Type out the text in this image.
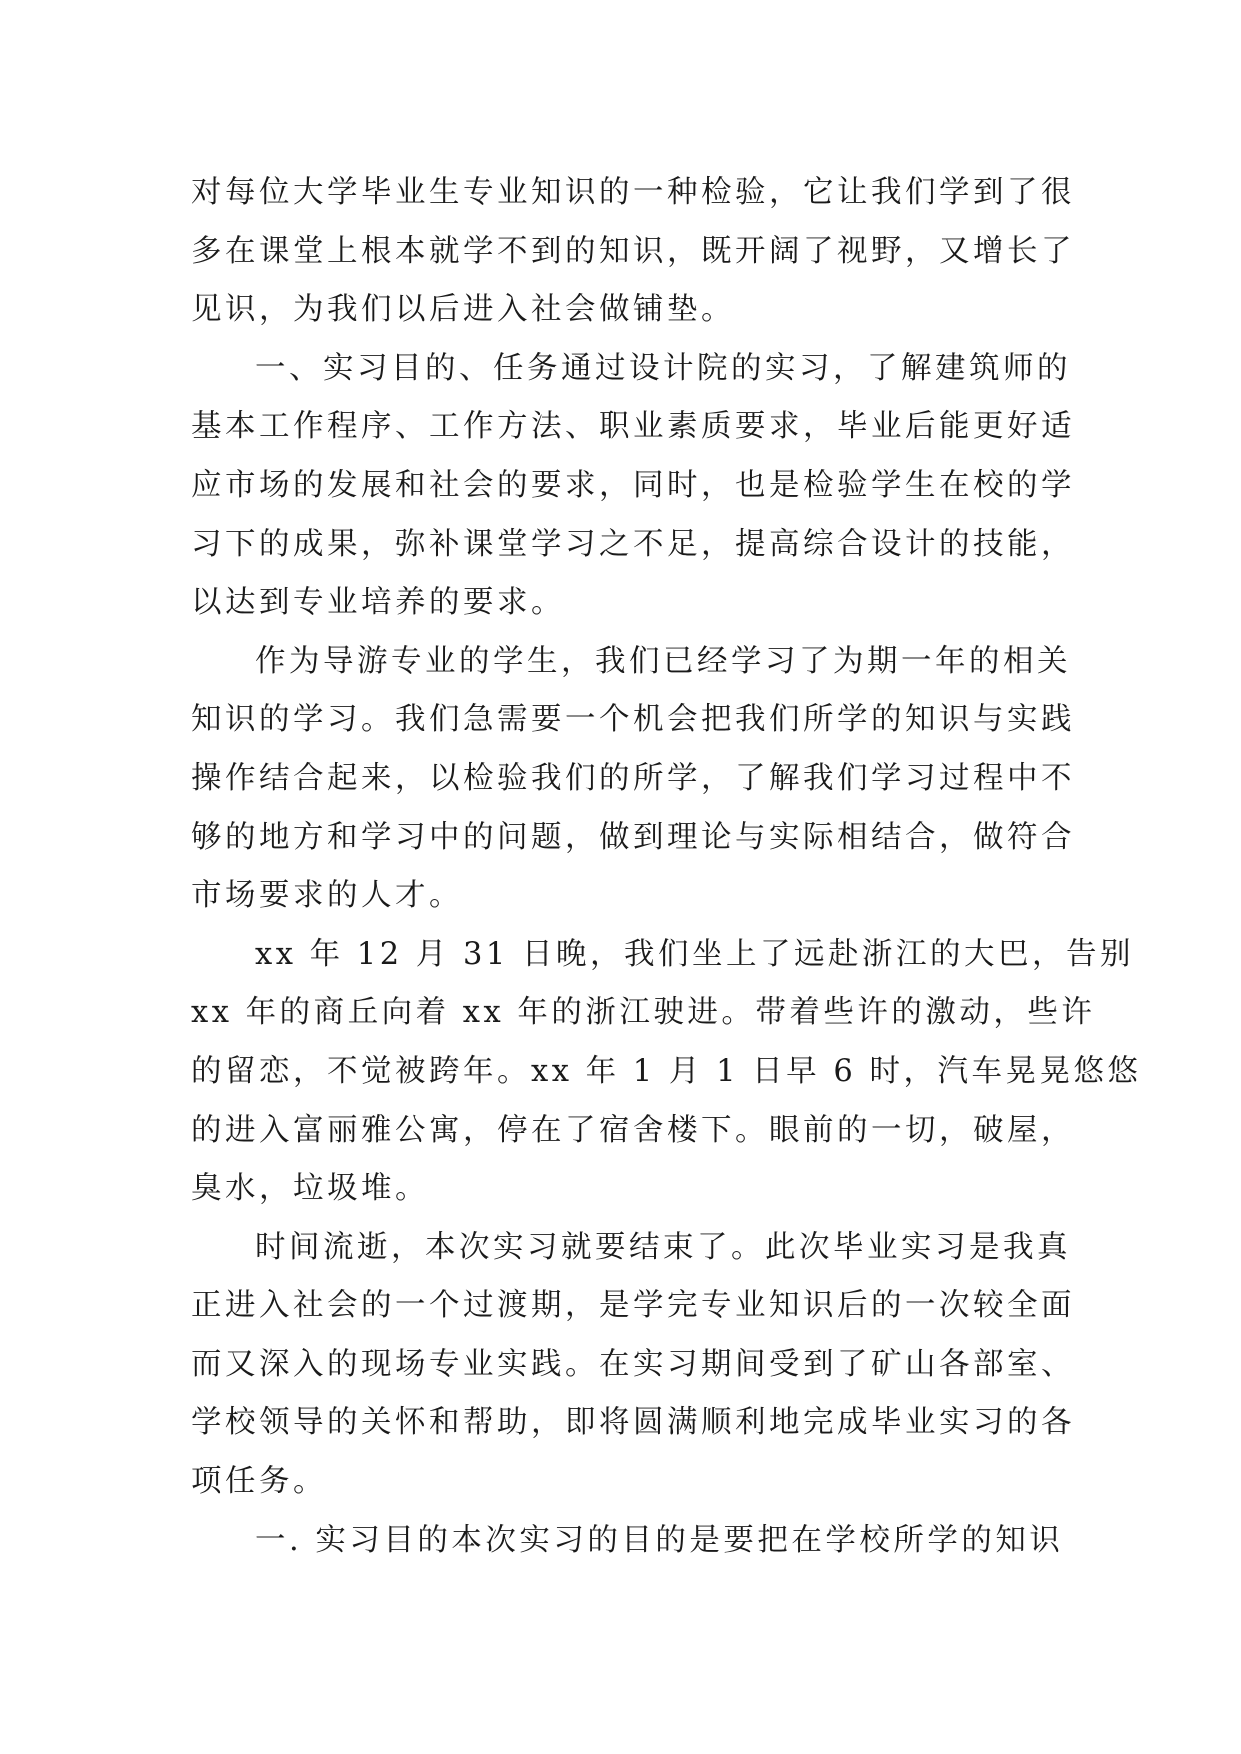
对每位大学毕业生专业知识的一种检验，它让我们学到了很
多在课堂上根本就学不到的知识，既开阔了视野，又增长了
见识，为我们以后进入社会做铺垫。
一、实习目的、任务通过设计院的实习，了解建筑师的
基本工作程序、工作方法、职业素质要求，毕业后能更好适
应市场的发展和社会的要求，同时，也是检验学生在校的学
习下的成果，弥补课堂学习之不足，提高综合设计的技能，
以达到专业培养的要求。
作为导游专业的学生，我们已经学习了为期一年的相关
知识的学习。我们急需要一个机会把我们所学的知识与实践
操作结合起来，以检验我们的所学，了解我们学习过程中不
够的地方和学习中的问题，做到理论与实际相结合，做符合
市场要求的人才。
xx 年 12 月 31 日晚，我们坐上了远赴浙江的大巴，告别
xx 年的商丘向着 xx 年的浙江驶进。带着些许的激动，些许
的留恋，不觉被跨年。xx 年 1 月 1 日早 6 时，汽车晃晃悠悠
的进入富丽雅公寓，停在了宿舍楼下。眼前的一切，破屋，
臭水，垃圾堆。
时间流逝，本次实习就要结束了。此次毕业实习是我真
正进入社会的一个过渡期，是学完专业知识后的一次较全面
而又深入的现场专业实践。在实习期间受到了矿山各部室、
学校领导的关怀和帮助，即将圆满顺利地完成毕业实习的各
项任务。
一. 实习目的本次实习的目的是要把在学校所学的知识
